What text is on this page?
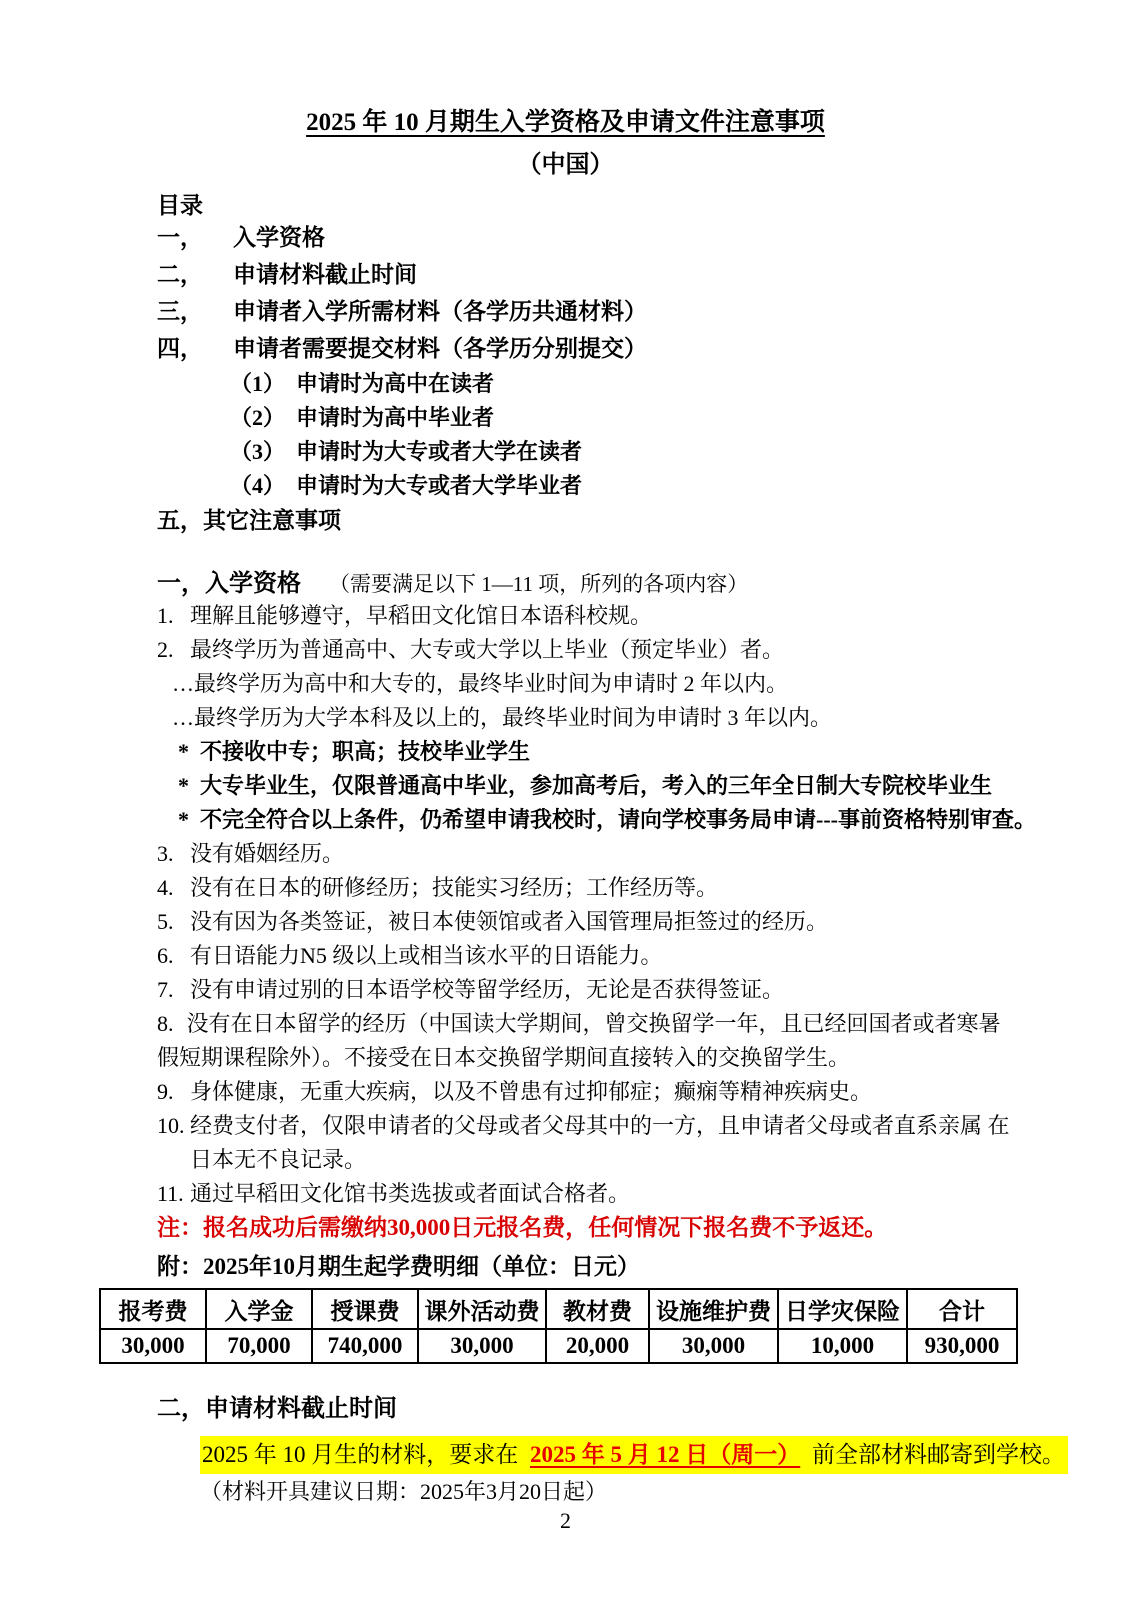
2025 年 10 月期生入学资格及申请文件注意事项
（中国）
目录
一，	入学资格
二，	申请材料截止时间
三，	申请者入学所需材料（各学历共通材料）
四，	申请者需要提交材料（各学历分别提交）
（1） 申请时为高中在读者
（2） 申请时为高中毕业者
（3） 申请时为大专或者大学在读者
（4） 申请时为大专或者大学毕业者
五，其它注意事项
一，入学资格 （需要满足以下 1—11 项，所列的各项内容）
1. 理解且能够遵守，早稻田文化馆日本语科校规。
2. 最终学历为普通高中、大专或大学以上毕业（预定毕业）者。
…最终学历为高中和大专的，最终毕业时间为申请时 2 年以内。
…最终学历为大学本科及以上的，最终毕业时间为申请时 3 年以内。
* 不接收中专；职高；技校毕业学生
* 大专毕业生，仅限普通高中毕业，参加高考后，考入的三年全日制大专院校毕业生
* 不完全符合以上条件，仍希望申请我校时，请向学校事务局申请---事前资格特别审查。
3. 没有婚姻经历。
4. 没有在日本的研修经历；技能实习经历；工作经历等。
5. 没有因为各类签证，被日本使领馆或者入国管理局拒签过的经历。
6. 有日语能力N5 级以上或相当该水平的日语能力。
7. 没有申请过别的日本语学校等留学经历，无论是否获得签证。
8. 没有在日本留学的经历（中国读大学期间，曾交换留学一年，且已经回国者或者寒暑假短期课程除外）。不接受在日本交换留学期间直接转入的交换留学生。
9. 身体健康，无重大疾病，以及不曾患有过抑郁症；癫痫等精神疾病史。
10. 经费支付者，仅限申请者的父母或者父母其中的一方，且申请者父母或者直系亲属 在日本无不良记录。
11. 通过早稻田文化馆书类选拔或者面试合格者。
注：报名成功后需缴纳30,000日元报名费，任何情况下报名费不予返还。
附：2025年10月期生起学费明细（单位：日元）
报考费	入学金	授课费	课外活动费	教材费	设施维护费	日学灾保险	合计
30,000	70,000	740,000	30,000	20,000	30,000	10,000	930,000
二，申请材料截止时间
2025 年 10 月生的材料，要求在 2025 年 5 月 12 日（周一） 前全部材料邮寄到学校。
（材料开具建议日期：2025年3月20日起）
2
